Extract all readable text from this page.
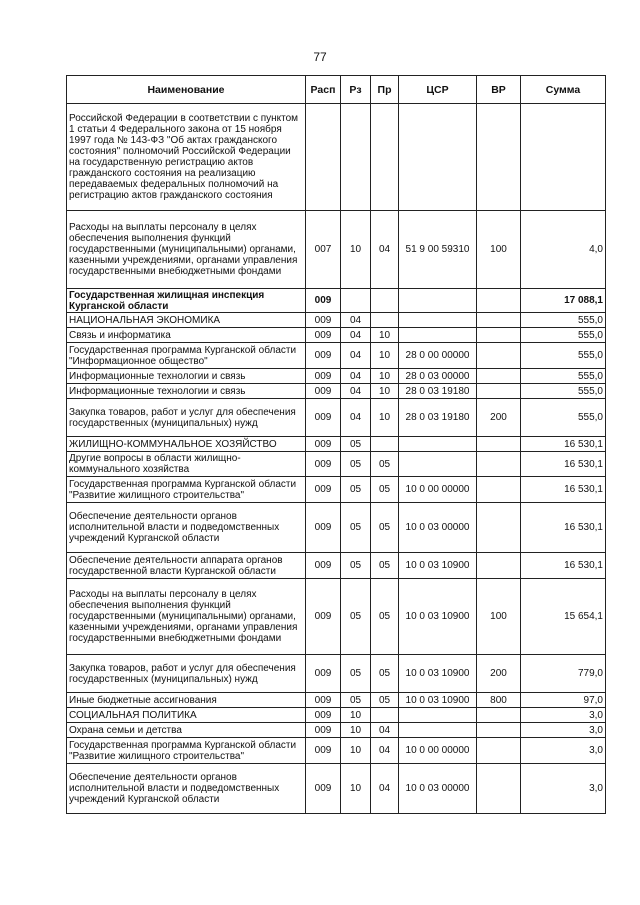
77
Наименование	Расп	Рз	Пр	ЦСР	ВР	Сумма
Российской Федерации в соответствии с пунктом 1 статьи 4 Федерального закона от 15 ноября 1997 года № 143-ФЗ "Об актах гражданского состояния" полномочий Российской Федерации на государственную регистрацию актов гражданского состояния на реализацию передаваемых федеральных полномочий на регистрацию актов гражданского состояния						
Расходы на выплаты персоналу в целях обеспечения выполнения функций государственными (муниципальными) органами, казенными учреждениями, органами управления государственными внебюджетными фондами	007	10	04	51 9 00 59310	100	4,0
Государственная жилищная инспекция Курганской области	009					17 088,1
НАЦИОНАЛЬНАЯ ЭКОНОМИКА	009	04				555,0
Связь и информатика	009	04	10			555,0
Государственная программа Курганской области "Информационное общество"	009	04	10	28 0 00 00000		555,0
Информационные технологии и связь	009	04	10	28 0 03 00000		555,0
Информационные технологии и связь	009	04	10	28 0 03 19180		555,0
Закупка товаров, работ и услуг для обеспечения государственных (муниципальных) нужд	009	04	10	28 0 03 19180	200	555,0
ЖИЛИЩНО-КОММУНАЛЬНОЕ ХОЗЯЙСТВО	009	05				16 530,1
Другие вопросы в области жилищно-коммунального хозяйства	009	05	05			16 530,1
Государственная программа Курганской области "Развитие жилищного строительства"	009	05	05	10 0 00 00000		16 530,1
Обеспечение деятельности органов исполнительной власти и подведомственных учреждений Курганской области	009	05	05	10 0 03 00000		16 530,1
Обеспечение деятельности аппарата органов государственной власти Курганской области	009	05	05	10 0 03 10900		16 530,1
Расходы на выплаты персоналу в целях обеспечения выполнения функций государственными (муниципальными) органами, казенными учреждениями, органами управления государственными внебюджетными фондами	009	05	05	10 0 03 10900	100	15 654,1
Закупка товаров, работ и услуг для обеспечения государственных (муниципальных) нужд	009	05	05	10 0 03 10900	200	779,0
Иные бюджетные ассигнования	009	05	05	10 0 03 10900	800	97,0
СОЦИАЛЬНАЯ ПОЛИТИКА	009	10				3,0
Охрана семьи и детства	009	10	04			3,0
Государственная программа Курганской области "Развитие жилищного строительства"	009	10	04	10 0 00 00000		3,0
Обеспечение деятельности органов исполнительной власти и подведомственных учреждений Курганской области	009	10	04	10 0 03 00000		3,0
